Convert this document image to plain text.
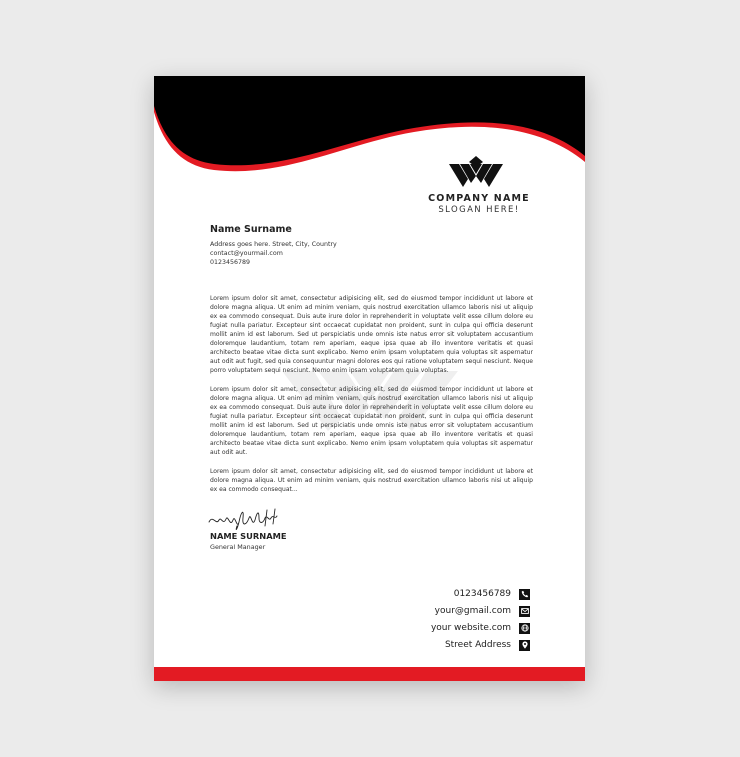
COMPANY NAME
SLOGAN HERE!
Name Surname
Address goes here. Street, City, Country
contact@yourmail.com
0123456789

Lorem ipsum dolor sit amet, consectetur adipisicing elit, sed do eiusmod tempor incididunt ut labore et dolore magna aliqua. Ut enim ad minim veniam, quis nostrud exercitation ullamco laboris nisi ut aliquip ex ea commodo consequat. Duis aute irure dolor in reprehenderit in voluptate velit esse cillum dolore eu fugiat nulla pariatur. Excepteur sint occaecat cupidatat non proident, sunt in culpa qui officia deserunt mollit anim id est laborum. Sed ut perspiciatis unde omnis iste natus error sit voluptatem accusantium doloremque laudantium, totam rem aperiam, eaque ipsa quae ab illo inventore veritatis et quasi architecto beatae vitae dicta sunt explicabo. Nemo enim ipsam voluptatem quia voluptas sit aspernatur aut odit aut fugit, sed quia consequuntur magni dolores eos qui ratione voluptatem sequi nesciunt. Neque porro voluptatem sequi nesciunt. Nemo enim ipsam voluptatem quia voluptas.

Lorem ipsum dolor sit amet, consectetur adipisicing elit, sed do eiusmod tempor incididunt ut labore et dolore magna aliqua. Ut enim ad minim veniam, quis nostrud exercitation ullamco laboris nisi ut aliquip ex ea commodo consequat. Duis aute irure dolor in reprehenderit in voluptate velit esse cillum dolore eu fugiat nulla pariatur. Excepteur sint occaecat cupidatat non proident, sunt in culpa qui officia deserunt mollit anim id est laborum. Sed ut perspiciatis unde omnis iste natus error sit voluptatem accusantium doloremque laudantium, totam rem aperiam, eaque ipsa quae ab illo inventore veritatis et quasi architecto beatae vitae dicta sunt explicabo. Nemo enim ipsam voluptatem quia voluptas sit aspernatur aut odit aut.

Lorem ipsum dolor sit amet, consectetur adipisicing elit, sed do eiusmod tempor incididunt ut labore et dolore magna aliqua. Ut enim ad minim veniam, quis nostrud exercitation ullamco laboris nisi ut aliquip ex ea commodo consequat...

NAME SURNAME
General Manager
0123456789
your@gmail.com
your website.com
Street Address
